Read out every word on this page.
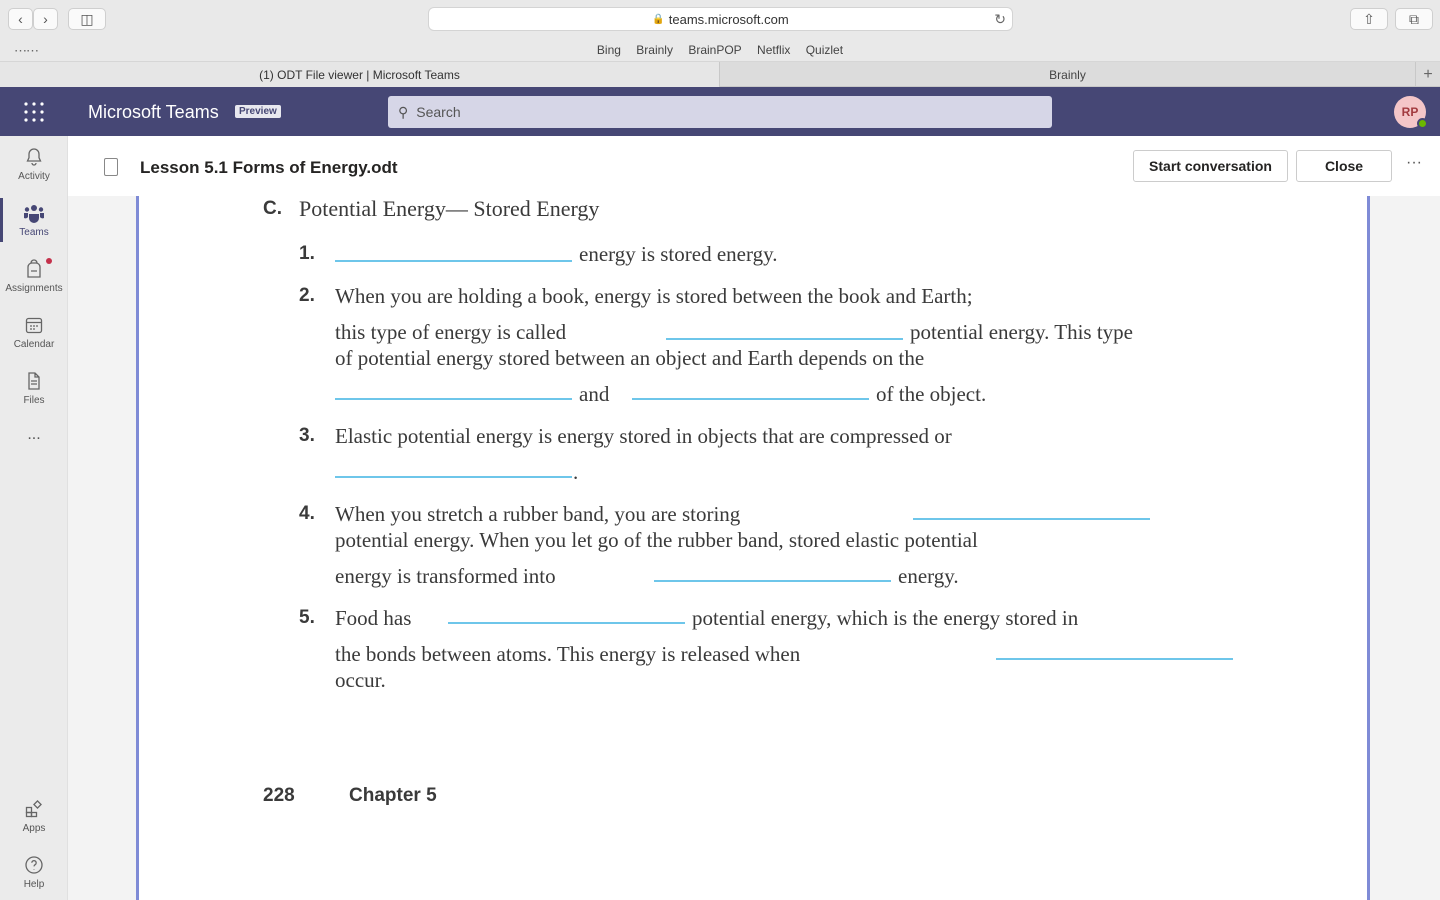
‹	›	◫	🔒 teams.microsoft.com	↻	⇧	⧉
⋯⋯	Bing Brainly BrainPOP Netflix Quizlet
(1) ODT File viewer | Microsoft Teams	Brainly	+
Microsoft Teams	Preview	⚲
Search	RP
Activity
Teams
Assignments
Calendar
Files
...
Apps
Help
Lesson 5.1 Forms of Energy.odt	Start conversation	Close	···
C. Potential Energy— Stored Energy
1.	energy is stored energy.
2. When you are holding a book, energy is stored between the book and Earth;
this type of energy is called	potential energy. This type
of potential energy stored between an object and Earth depends on the
and	of the object.
3. Elastic potential energy is energy stored in objects that are compressed or
.
4. When you stretch a rubber band, you are storing
potential energy. When you let go of the rubber band, stored elastic potential
energy is transformed into	energy.
5. Food has	potential energy, which is the energy stored in
the bonds between atoms. This energy is released when
occur.
228	Chapter 5
